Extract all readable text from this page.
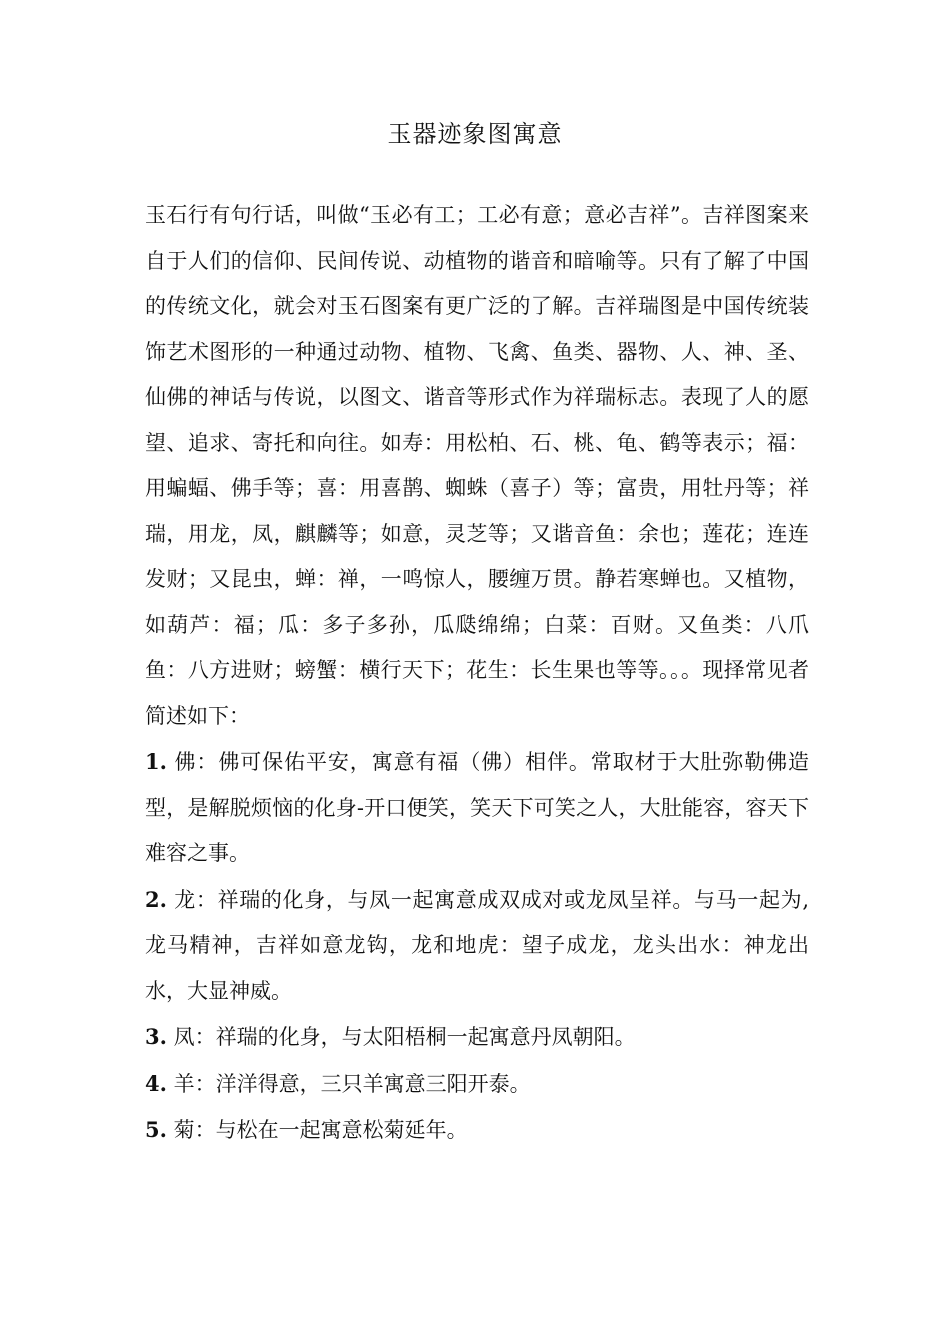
玉器迹象图寓意

玉石行有句行话，叫做“玉必有工；工必有意；意必吉祥”。吉祥图案来自于人们的信仰、民间传说、动植物的谐音和暗喻等。只有了解了中国的传统文化，就会对玉石图案有更广泛的了解。吉祥瑞图是中国传统装饰艺术图形的一种通过动物、植物、飞禽、鱼类、器物、人、神、圣、仙佛的神话与传说，以图文、谐音等形式作为祥瑞标志。表现了人的愿望、追求、寄托和向往。如寿：用松柏、石、桃、龟、鹤等表示；福：用蝙蝠、佛手等；喜：用喜鹊、蜘蛛（喜子）等；富贵，用牡丹等；祥瑞，用龙，凤，麒麟等；如意，灵芝等；又谐音鱼：余也；莲花；连连发财；又昆虫，蝉：禅，一鸣惊人，腰缠万贯。静若寒蝉也。又植物，如葫芦：福；瓜：多子多孙，瓜瓞绵绵；白菜：百财。又鱼类：八爪鱼：八方进财；螃蟹：横行天下；花生：长生果也等等。。。现择常见者简述如下：

1. 佛：佛可保佑平安，寓意有福（佛）相伴。常取材于大肚弥勒佛造型，是解脱烦恼的化身-开口便笑，笑天下可笑之人，大肚能容，容天下难容之事。
2. 龙：祥瑞的化身，与凤一起寓意成双成对或龙凤呈祥。与马一起为,龙马精神，吉祥如意龙钩，龙和地虎：望子成龙，龙头出水：神龙出水，大显神威。
3. 凤：祥瑞的化身，与太阳梧桐一起寓意丹凤朝阳。
4. 羊：洋洋得意，三只羊寓意三阳开泰。
5. 菊：与松在一起寓意松菊延年。
